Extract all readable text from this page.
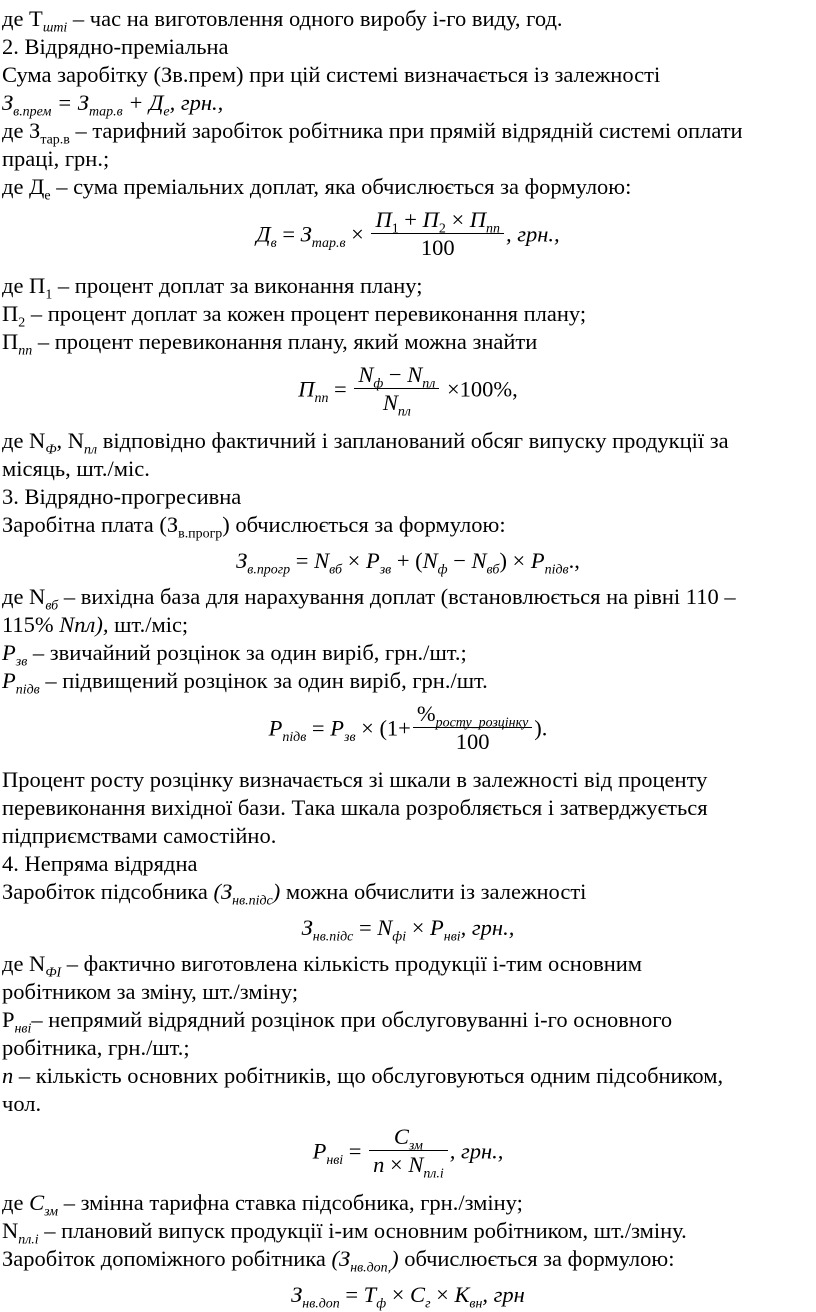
де $Т_{шті}$ – час на виготовлення одного виробу і-го виду, год.
2. Відрядно-преміальна
Сума заробітку (Зв.прем) при цій системі визначається із залежності
$З_{в.прем} = З_{тар.в} + Д_е$, грн.,
де $З_{тар.в}$ – тарифний заробіток робітника при прямій відрядній системі оплати
праці, грн.;
де $Д_е$ – сума преміальних доплат, яка обчислюється за формулою:
$Д_в = З_{тар.в} \times \frac{П_1 + П_2 \times П_{пп}}{100}$ , грн.,
де $П_1$ – процент доплат за виконання плану;
$П_2$ – процент доплат за кожен процент перевиконання плану;
$П_{пп}$ – процент перевиконання плану, який можна знайти
$П_{пп} = \frac{N_ф - N_{пл}}{N_{пл}} \times 100\%$,
де $N_Ф$, $N_{пл}$ відповідно фактичний і запланований обсяг випуску продукції за
місяць, шт./міс.
3. Відрядно-прогресивна
Заробітна плата $(З_{в.прогр})$ обчислюється за формулою:
$З_{в.прогр} = N_{вб} \times Р_{зв} + (N_ф - N_{вб}) \times Р_{підв}$.,
де $N_{вб}$ – вихідна база для нарахування доплат (встановлюється на рівні 110 –
115% Nпл), шт./міс;
$Р_{зв}$ – звичайний розцінок за один виріб, грн./шт.;
$Р_{підв}$ – підвищений розцінок за один виріб, грн./шт.
$Р_{підв} = Р_{зв} \times (1+ \frac{\%_{росту\_розцінку}}{100}$ ).
Процент росту розцінку визначається зі шкали в залежності від проценту
перевиконання вихідної бази. Така шкала розробляється і затверджується
підприємствами самостійно.
4. Непряма відрядна
Заробіток підсобника $(З_{нв.підс})$ можна обчислити із залежності
$З_{нв.підс} = N_{фі} \times Р_{нві}$, грн.,
де $N_{ФІ}$ – фактично виготовлена кількість продукції і-тим основним
робітником за зміну, шт./зміну;
$Р_{нві}-$ непрямий відрядний розцінок при обслуговуванні і-го основного
робітника, грн./шт.;
n – кількість основних робітників, що обслуговуються одним підсобником,
чол.
$Р_{нві} = \frac{С_{зм}}{n \times N_{пл.і}}$ , грн.,
де $С_{зм}$ – змінна тарифна ставка підсобника, грн./зміну;
$N_{пл.і}$ – плановий випуск продукції і-им основним робітником, шт./зміну.
Заробіток допоміжного робітника $(З_{нв.доп,})$ обчислюється за формулою:
$З_{нв.доп} = Т_ф \times С_г \times К_{вн}$, грн
